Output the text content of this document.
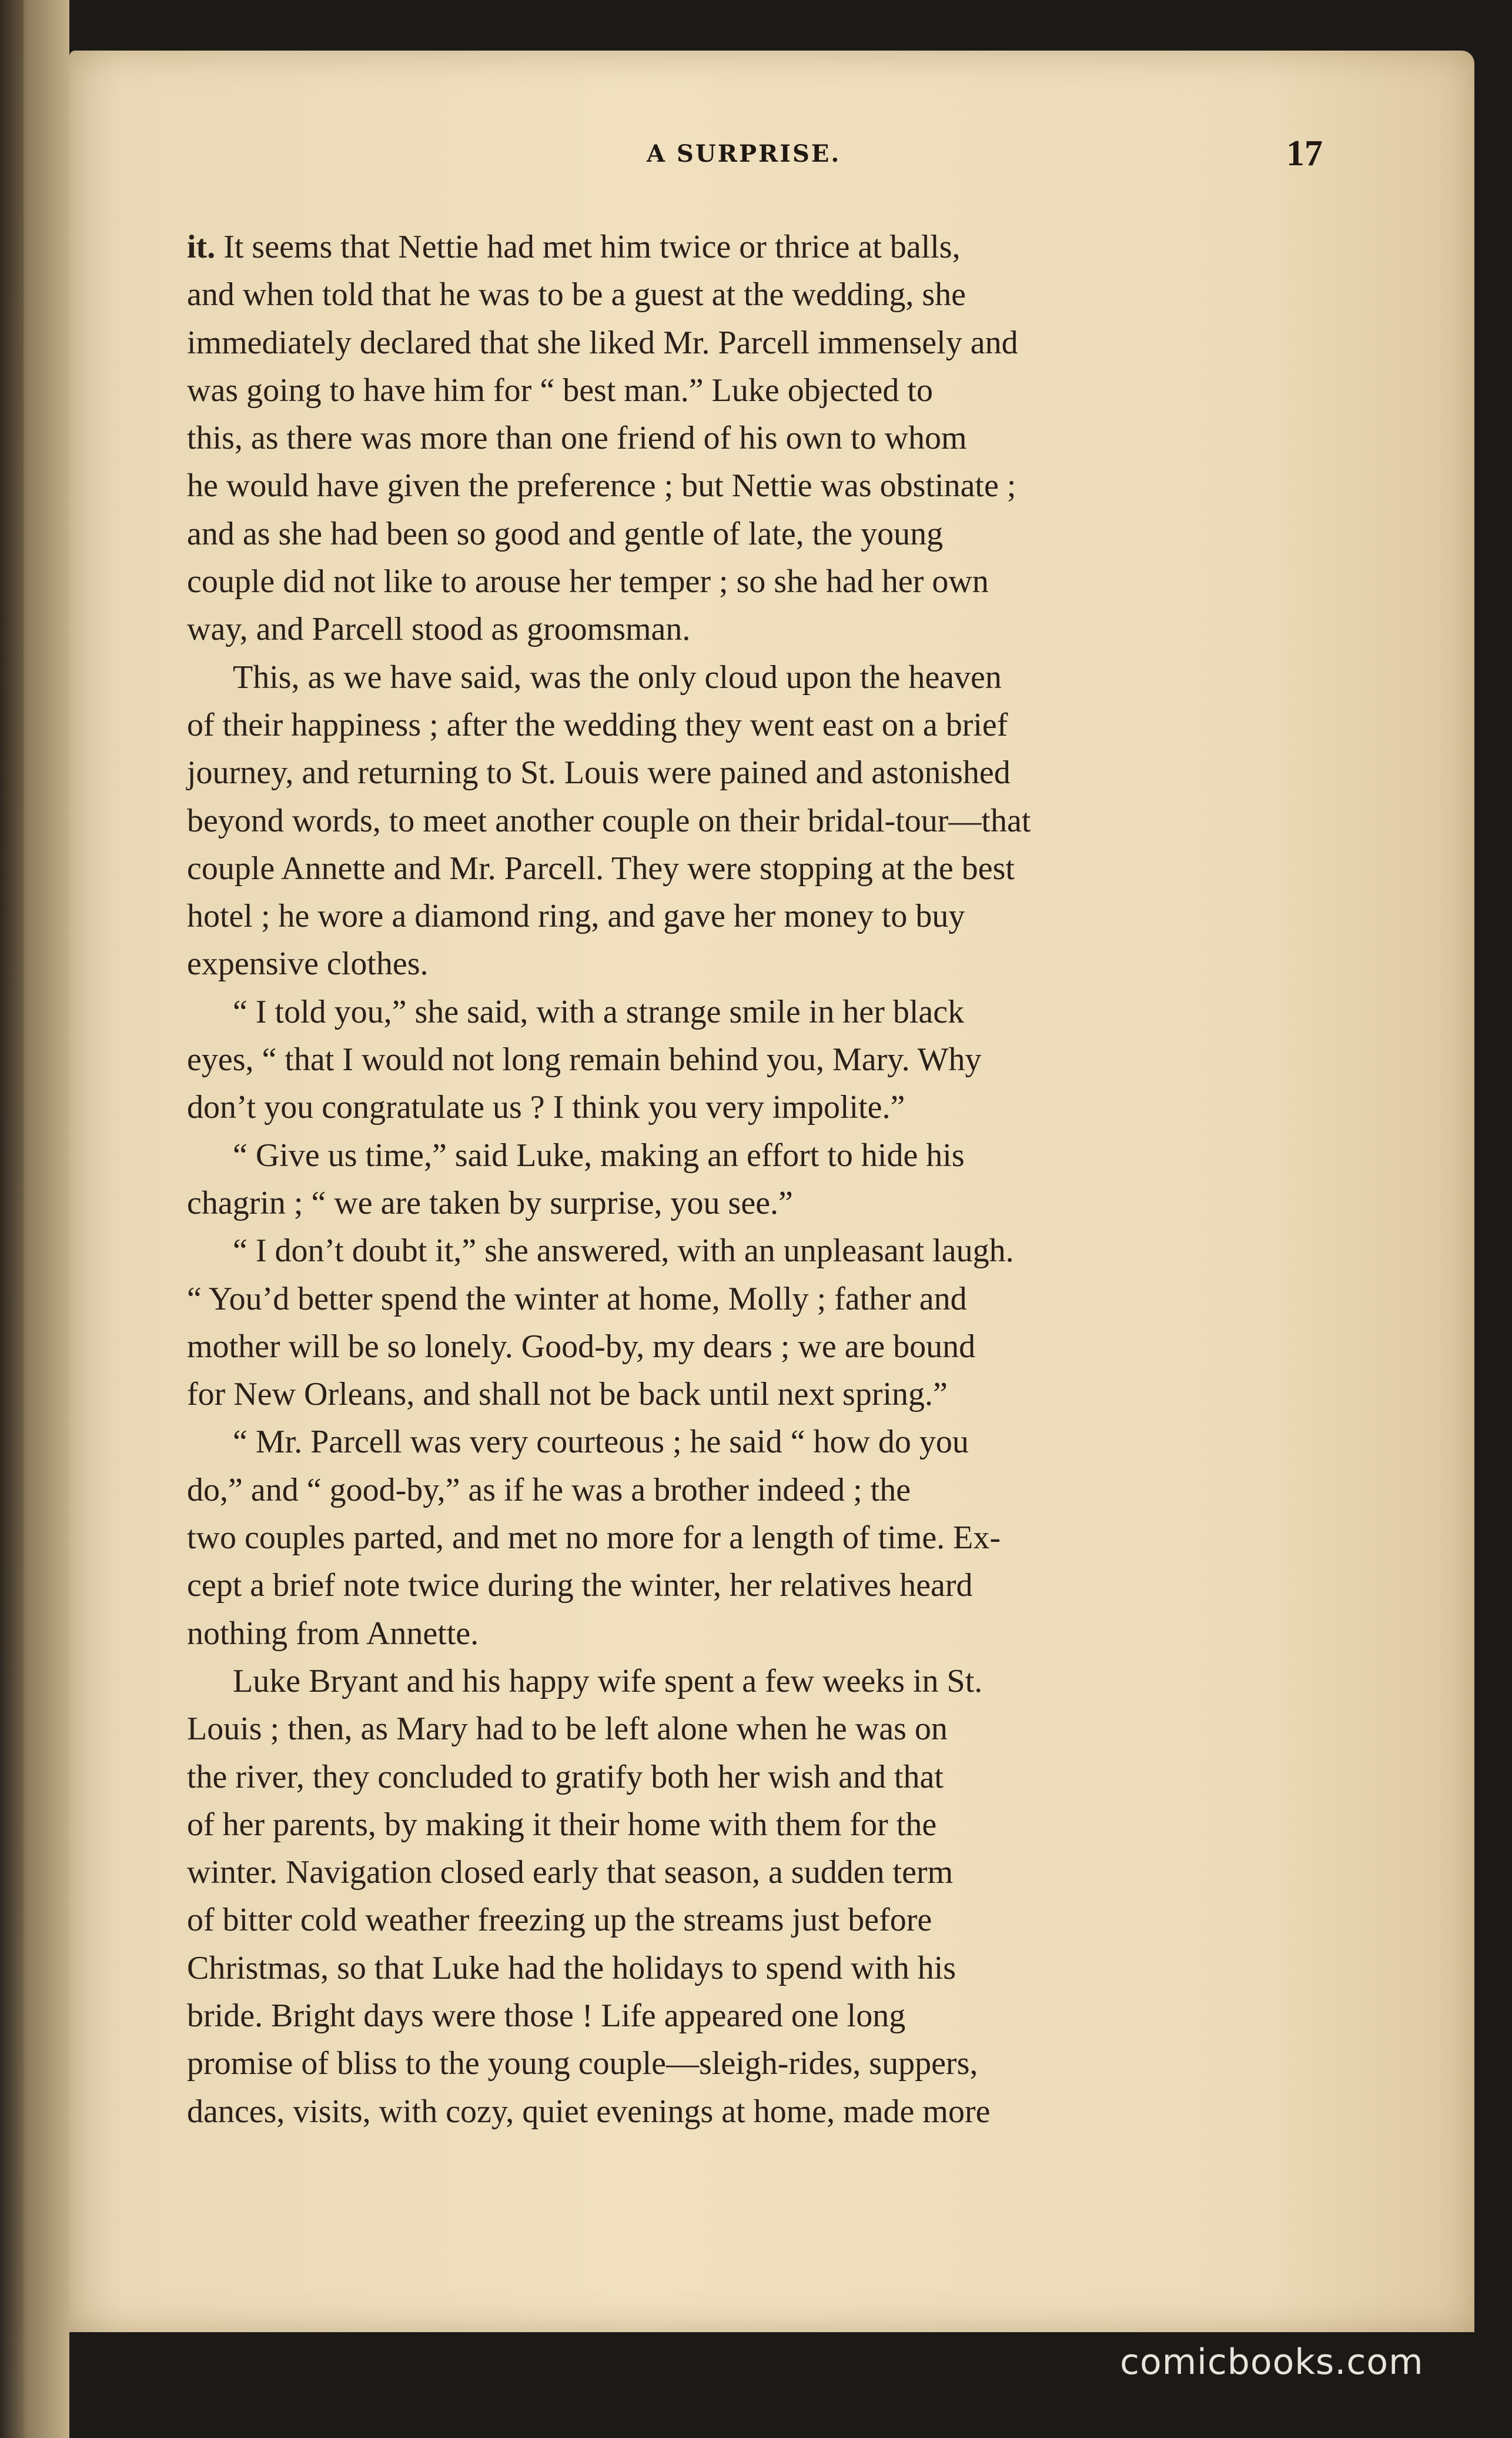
A SURPRISE.	17

it. It seems that Nettie had met him twice or thrice at balls,
and when told that he was to be a guest at the wedding, she
immediately declared that she liked Mr. Parcell immensely and
was going to have him for “ best man.” Luke objected to
this, as there was more than one friend of his own to whom
he would have given the preference ; but Nettie was obstinate ;
and as she had been so good and gentle of late, the young
couple did not like to arouse her temper ; so she had her own
way, and Parcell stood as groomsman.

This, as we have said, was the only cloud upon the heaven
of their happiness ; after the wedding they went east on a brief
journey, and returning to St. Louis were pained and astonished
beyond words, to meet another couple on their bridal-tour—that
couple Annette and Mr. Parcell. They were stopping at the best
hotel ; he wore a diamond ring, and gave her money to buy
expensive clothes.

“ I told you,” she said, with a strange smile in her black
eyes, “ that I would not long remain behind you, Mary. Why
don’t you congratulate us ? I think you very impolite.”

“ Give us time,” said Luke, making an effort to hide his
chagrin ; “ we are taken by surprise, you see.”

“ I don’t doubt it,” she answered, with an unpleasant laugh.
“ You’d better spend the winter at home, Molly ; father and
mother will be so lonely. Good-by, my dears ; we are bound
for New Orleans, and shall not be back until next spring.”

“ Mr. Parcell was very courteous ; he said “ how do you
do,” and “ good-by,” as if he was a brother indeed ; the
two couples parted, and met no more for a length of time. Ex-
cept a brief note twice during the winter, her relatives heard
nothing from Annette.

Luke Bryant and his happy wife spent a few weeks in St.
Louis ; then, as Mary had to be left alone when he was on
the river, they concluded to gratify both her wish and that
of her parents, by making it their home with them for the
winter. Navigation closed early that season, a sudden term
of bitter cold weather freezing up the streams just before
Christmas, so that Luke had the holidays to spend with his
bride. Bright days were those ! Life appeared one long
promise of bliss to the young couple—sleigh-rides, suppers,
dances, visits, with cozy, quiet evenings at home, made more

comicbooks.com
